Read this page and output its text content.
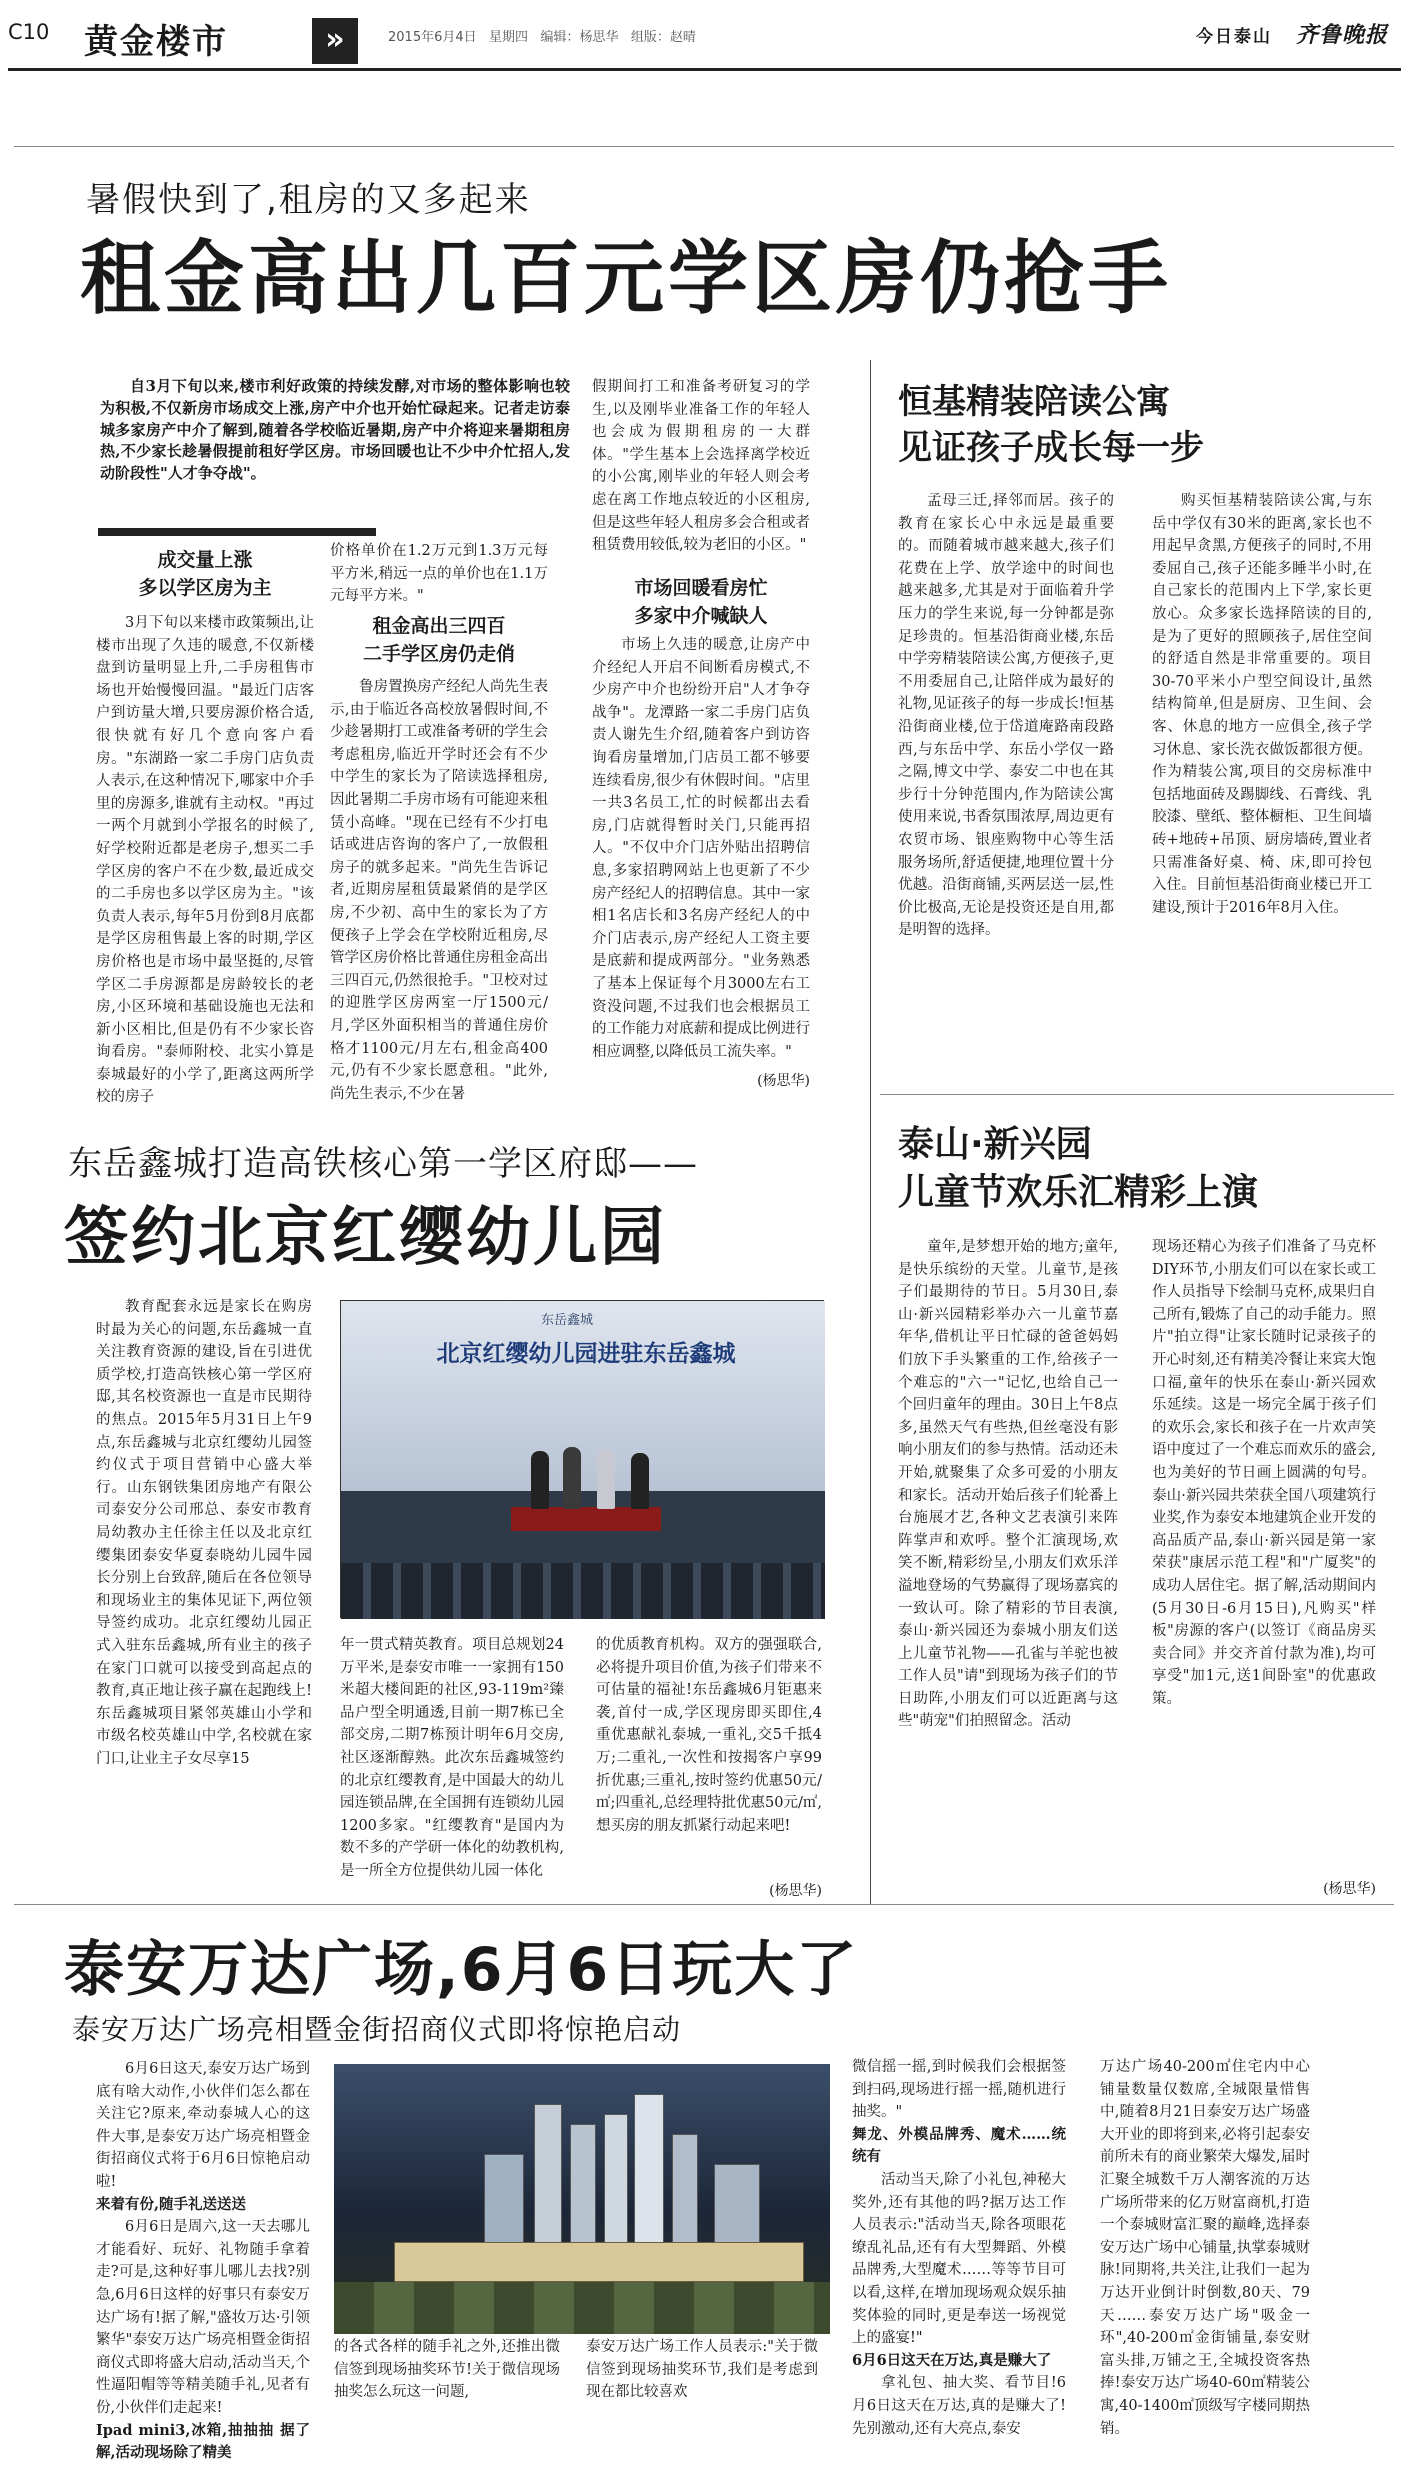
C10 黄金楼市	»	2015年6月4日 星期四 编辑：杨思华 组版：赵晴	今日泰山 齐鲁晚报
暑假快到了,租房的又多起来
租金高出几百元学区房仍抢手

自3月下旬以来,楼市利好政策的持续发酵,对市场的整体影响也较为积极,不仅新房市场成交上涨,房产中介也开始忙碌起来。记者走访泰城多家房产中介了解到,随着各学校临近暑期,房产中介将迎来暑期租房热,不少家长趁暑假提前租好学区房。市场回暖也让不少中介忙招人,发动阶段性"人才争夺战"。

成交量上涨
多以学区房为主

3月下旬以来楼市政策频出,让楼市出现了久违的暖意,不仅新楼盘到访量明显上升,二手房租售市场也开始慢慢回温。"最近门店客户到访量大增,只要房源价格合适,很快就有好几个意向客户看房。"东湖路一家二手房门店负责人表示,在这种情况下,哪家中介手里的房源多,谁就有主动权。"再过一两个月就到小学报名的时候了,好学校附近都是老房子,想买二手学区房的客户不在少数,最近成交的二手房也多以学区房为主。"该负责人表示,每年5月份到8月底都是学区房租售最上客的时期,学区房价格也是市场中最坚挺的,尽管学区二手房源都是房龄较长的老房,小区环境和基础设施也无法和新小区相比,但是仍有不少家长咨询看房。"泰师附校、北实小算是泰城最好的小学了,距离这两所学校的房子

价格单价在1.2万元到1.3万元每平方米,稍远一点的单价也在1.1万元每平方米。"

租金高出三四百
二手学区房仍走俏

鲁房置换房产经纪人尚先生表示,由于临近各高校放暑假时间,不少趁暑期打工或准备考研的学生会考虑租房,临近开学时还会有不少中学生的家长为了陪读选择租房,因此暑期二手房市场有可能迎来租赁小高峰。"现在已经有不少打电话或进店咨询的客户了,一放假租房子的就多起来。"尚先生告诉记者,近期房屋租赁最紧俏的是学区房,不少初、高中生的家长为了方便孩子上学会在学校附近租房,尽管学区房价格比普通住房租金高出三四百元,仍然很抢手。"卫校对过的迎胜学区房两室一厅1500元/月,学区外面积相当的普通住房价格才1100元/月左右,租金高400元,仍有不少家长愿意租。"此外,尚先生表示,不少在暑

假期间打工和准备考研复习的学生,以及刚毕业准备工作的年轻人也会成为假期租房的一大群体。"学生基本上会选择离学校近的小公寓,刚毕业的年轻人则会考虑在离工作地点较近的小区租房,但是这些年轻人租房多会合租或者租赁费用较低,较为老旧的小区。"

市场回暖看房忙
多家中介喊缺人

市场上久违的暖意,让房产中介经纪人开启不间断看房模式,不少房产中介也纷纷开启"人才争夺战争"。龙潭路一家二手房门店负责人谢先生介绍,随着客户到访咨询看房量增加,门店员工都不够要连续看房,很少有休假时间。"店里一共3名员工,忙的时候都出去看房,门店就得暂时关门,只能再招人。"不仅中介门店外贴出招聘信息,多家招聘网站上也更新了不少房产经纪人的招聘信息。其中一家相1名店长和3名房产经纪人的中介门店表示,房产经纪人工资主要是底薪和提成两部分。"业务熟悉了基本上保证每个月3000左右工资没问题,不过我们也会根据员工的工作能力对底薪和提成比例进行相应调整,以降低员工流失率。"

(杨思华)
恒基精装陪读公寓
见证孩子成长每一步

孟母三迁,择邻而居。孩子的教育在家长心中永远是最重要的。而随着城市越来越大,孩子们花费在上学、放学途中的时间也越来越多,尤其是对于面临着升学压力的学生来说,每一分钟都是弥足珍贵的。恒基沿街商业楼,东岳中学旁精装陪读公寓,方便孩子,更不用委屈自己,让陪伴成为最好的礼物,见证孩子的每一步成长!恒基沿街商业楼,位于岱道庵路南段路西,与东岳中学、东岳小学仅一路之隔,博文中学、泰安二中也在其步行十分钟范围内,作为陪读公寓使用来说,书香氛围浓厚,周边更有农贸市场、银座购物中心等生活服务场所,舒适便捷,地理位置十分优越。沿街商铺,买两层送一层,性价比极高,无论是投资还是自用,都是明智的选择。

购买恒基精装陪读公寓,与东岳中学仅有30米的距离,家长也不用起早贪黑,方便孩子的同时,不用委屈自己,孩子还能多睡半小时,在自己家长的范围内上下学,家长更放心。众多家长选择陪读的目的,是为了更好的照顾孩子,居住空间的舒适自然是非常重要的。项目30-70平米小户型空间设计,虽然结构简单,但是厨房、卫生间、会客、休息的地方一应俱全,孩子学习休息、家长洗衣做饭都很方便。作为精装公寓,项目的交房标准中包括地面砖及踢脚线、石膏线、乳胶漆、壁纸、整体橱柜、卫生间墙砖+地砖+吊顶、厨房墙砖,置业者只需准备好桌、椅、床,即可拎包入住。目前恒基沿街商业楼已开工建设,预计于2016年8月入住。

东岳鑫城打造高铁核心第一学区府邸——
签约北京红缨幼儿园

教育配套永远是家长在购房时最为关心的问题,东岳鑫城一直关注教育资源的建设,旨在引进优质学校,打造高铁核心第一学区府邸,其名校资源也一直是市民期待的焦点。2015年5月31日上午9点,东岳鑫城与北京红缨幼儿园签约仪式于项目营销中心盛大举行。山东钢铁集团房地产有限公司泰安分公司邢总、泰安市教育局幼教办主任徐主任以及北京红缨集团泰安华夏泰晓幼儿园牛园长分别上台致辞,随后在各位领导和现场业主的集体见证下,两位领导签约成功。北京红缨幼儿园正式入驻东岳鑫城,所有业主的孩子在家门口就可以接受到高起点的教育,真正地让孩子赢在起跑线上!东岳鑫城项目紧邻英雄山小学和市级名校英雄山中学,名校就在家门口,让业主子女尽享15

东岳鑫城
北京红缨幼儿园进驻东岳鑫城

年一贯式精英教育。项目总规划24万平米,是泰安市唯一一家拥有150米超大楼间距的社区,93-119m²臻品户型全明通透,目前一期7栋已全部交房,二期7栋预计明年6月交房,社区逐渐醇熟。此次东岳鑫城签约的北京红缨教育,是中国最大的幼儿园连锁品牌,在全国拥有连锁幼儿园1200多家。"红缨教育"是国内为数不多的产学研一体化的幼教机构,是一所全方位提供幼儿园一体化

的优质教育机构。双方的强强联合,必将提升项目价值,为孩子们带来不可估量的福祉!东岳鑫城6月钜惠来袭,首付一成,学区现房即买即住,4重优惠献礼泰城,一重礼,交5千抵4万;二重礼,一次性和按揭客户享99折优惠;三重礼,按时签约优惠50元/㎡;四重礼,总经理特批优惠50元/㎡,想买房的朋友抓紧行动起来吧!

(杨思华)
泰山·新兴园
儿童节欢乐汇精彩上演

童年,是梦想开始的地方;童年,是快乐缤纷的天堂。儿童节,是孩子们最期待的节日。5月30日,泰山·新兴园精彩举办六一儿童节嘉年华,借机让平日忙碌的爸爸妈妈们放下手头繁重的工作,给孩子一个难忘的"六一"记忆,也给自己一个回归童年的理由。30日上午8点多,虽然天气有些热,但丝毫没有影响小朋友们的参与热情。活动还未开始,就聚集了众多可爱的小朋友和家长。活动开始后孩子们轮番上台施展才艺,各种文艺表演引来阵阵掌声和欢呼。整个汇演现场,欢笑不断,精彩纷呈,小朋友们欢乐洋溢地登场的气势赢得了现场嘉宾的一致认可。除了精彩的节目表演,泰山·新兴园还为泰城小朋友们送上儿童节礼物——孔雀与羊驼也被工作人员"请"到现场为孩子们的节日助阵,小朋友们可以近距离与这些"萌宠"们拍照留念。活动

现场还精心为孩子们准备了马克杯DIY环节,小朋友们可以在家长或工作人员指导下绘制马克杯,成果归自己所有,锻炼了自己的动手能力。照片"拍立得"让家长随时记录孩子的开心时刻,还有精美冷餐让来宾大饱口福,童年的快乐在泰山·新兴园欢乐延续。这是一场完全属于孩子们的欢乐会,家长和孩子在一片欢声笑语中度过了一个难忘而欢乐的盛会,也为美好的节日画上圆满的句号。泰山·新兴园共荣获全国八项建筑行业奖,作为泰安本地建筑企业开发的高品质产品,泰山·新兴园是第一家荣获"康居示范工程"和"广厦奖"的成功人居住宅。据了解,活动期间内(5月30日-6月15日),凡购买"样板"房源的客户(以签订《商品房买卖合同》并交齐首付款为准),均可享受"加1元,送1间卧室"的优惠政策。

(杨思华)
泰安万达广场,6月6日玩大了
泰安万达广场亮相暨金街招商仪式即将惊艳启动

6月6日这天,泰安万达广场到底有啥大动作,小伙伴们怎么都在关注它?原来,牵动泰城人心的这件大事,是泰安万达广场亮相暨金街招商仪式将于6月6日惊艳启动啦!

来着有份,随手礼送送送

6月6日是周六,这一天去哪儿才能看好、玩好、礼物随手拿着走?可是,这种好事儿哪儿去找?别急,6月6日这样的好事只有泰安万达广场有!据了解,"盛妆万达·引领繁华"泰安万达广场亮相暨金街招商仪式即将盛大启动,活动当天,个性逼阳帽等等精美随手礼,见者有份,小伙伴们走起来!

Ipad mini3,冰箱,抽抽抽 据了解,活动现场除了精美

的各式各样的随手礼之外,还推出微信签到现场抽奖环节!关于微信现场抽奖怎么玩这一问题,

泰安万达广场工作人员表示:"关于微信签到现场抽奖环节,我们是考虑到现在都比较喜欢

微信摇一摇,到时候我们会根据签到扫码,现场进行摇一摇,随机进行抽奖。"

舞龙、外模品牌秀、魔术……统统有

活动当天,除了小礼包,神秘大奖外,还有其他的吗?据万达工作人员表示:"活动当天,除各项眼花缭乱礼品,还有有大型舞蹈、外模品牌秀,大型魔术……等等节目可以看,这样,在增加现场观众娱乐抽奖体验的同时,更是奉送一场视觉上的盛宴!"

6月6日这天在万达,真是赚大了

拿礼包、抽大奖、看节目!6月6日这天在万达,真的是赚大了!先别激动,还有大亮点,泰安

万达广场40-200㎡住宅内中心铺量数量仅数席,全城限量惜售中,随着8月21日泰安万达广场盛大开业的即将到来,必将引起泰安前所未有的商业繁荣大爆发,届时汇聚全城数千万人潮客流的万达广场所带来的亿万财富商机,打造一个泰城财富汇聚的巅峰,选择泰安万达广场中心铺量,执掌泰城财脉!同期将,共关注,让我们一起为万达开业倒计时倒数,80天、79天……泰安万达广场"吸金一环",40-200㎡金街铺量,泰安财富头排,万铺之王,全城投资客热捧!泰安万达广场40-60㎡精装公寓,40-1400㎡顶级写字楼同期热销。
